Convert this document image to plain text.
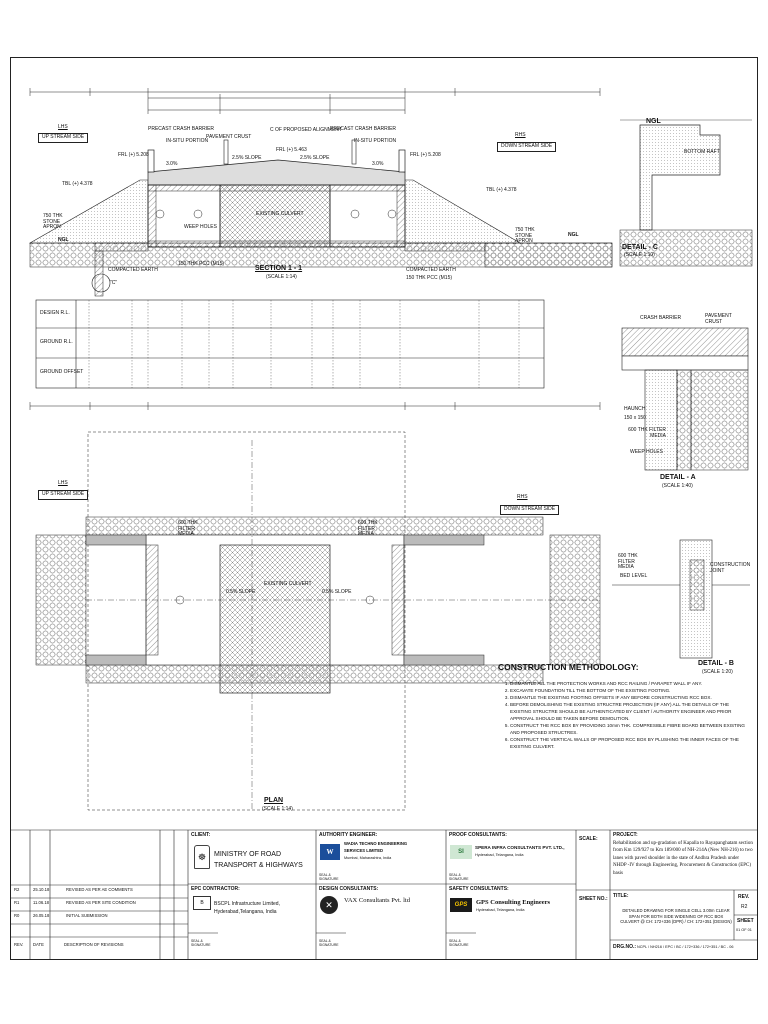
LHS
UP STREAM SIDE	RHS
DOWN STREAM SIDE
PRECAST CRASH BARRIER
IN-SITU PORTION
PAVEMENT CRUST
C OF PROPOSED ALIGNMENT
PRECAST CRASH BARRIER
IN-SITU PORTION
2.5% SLOPE	2.5% SLOPE
3.0%	3.0%
FRL (+) 5.208
FRL (+) 5.463
FRL (+) 5.208
TBL (+) 4.378
TBL (+) 4.378
750 THK STONE APRON	750 THK STONE APRON
NGL
NGL
WEEP HOLES
EXISTING CULVERT
COMPACTED EARTH
150 THK PCC (M15)
COMPACTED EARTH
150 THK PCC (M15)
"C"
SECTION 1 - 1
(SCALE 1:14)
DESIGN R.L.
GROUND R.L.
GROUND OFFSET
LHS
UP STREAM SIDE	RHS
DOWN STREAM SIDE
600 THK FILTER MEDIA
600 THK FILTER MEDIA
EXISTING CULVERT
0.5% SLOPE	0.5% SLOPE
PLAN
(SCALE 1:14)
NGL
BOTTOM RAFT
DETAIL - C
(SCALE 1:10)
CRASH BARRIER	PAVEMENT CRUST
HAUNCH
150 x 150
600 THK FILTER MEDIA
WEEP HOLES
DETAIL - A
(SCALE 1:40)
600 THK FILTER MEDIA
BED LEVEL
CONSTRUCTION JOINT
DETAIL - B
(SCALE 1:20)
CONSTRUCTION METHODOLOGY:
1. DISMANTLE ALL THE PROTECTION WORKS AND RCC RAILING / PARAPET WALL IF ANY.
2. EXCAVATE FOUNDATION TILL THE BOTTOM OF THE EXISTING FOOTING.
3. DISMANTLE THE EXISTING FOOTING OFFSETS IF ANY BEFORE CONSTRUCTING RCC BOX.
4. BEFORE DEMOLISHING THE EXISTING STRUCTRE PROJECTION (IF ANY) ALL THE DETAILS OF THE EXISTING STRUCTRE SHOULD BE AUTHENTICATED BY CLIENT / AUTHORITY ENGINEER AND PRIOR APPROVAL SHOULD BE TAKEN BEFORE DEMOLITION.
5. CONSTRUCT THE RCC BOX BY PROVIDING 10mm THK. COMPRESIBLE FIBRE BOARD BETWEEN EXISTING AND PROPOSED STRUCTRES.
6. CONSTRUCT THE VERTICAL WALLS OF PROPOSED RCC BOX BY PLUSHING THE INNER FACES OF THE EXISTING CULVERT.
R2	25.10.18	REVISED AS PER AE COMMENTS
R1	11.06.18	REVISED AS PER SITE CONDITION
R0	26.05.18	INITIAL SUBMISSION
REV. DATE	DESCRIPTION OF REVISIONS
CLIENT:
☸	MINISTRY OF ROAD
TRANSPORT & HIGHWAYS
AUTHORITY ENGINEER:
W
WADIA TECHNO ENGINEERING
SERVICES LIMITED
Mumbai, Maharashtra, India
PROOF CONSULTANTS:
SI
SPERA INFRA CONSULTANTS PVT. LTD.,
Hyderabad, Telangana, India
SCALE:
PROJECT:
Rehabilitation and up-gradation of Kapalla to Rayapanghatam section from Km 129/927 to Km 189/000 of NH-214A (New NH-216) to two lanes with paved shoulder in the state of Andhra Pradesh under NHDP -IV through Engineering, Procurement & Construction (EPC) basis
EPC CONTRACTOR:
B	BSCPL Infrastructure Limited,
Hyderabad,Telangana, India
DESIGN CONSULTANTS:
✕	VAX Consultants Pvt. ltd
SAFETY CONSULTANTS:
GPS	GPS Consulting Engineers
Hyderabad, Telangana, India
SEAL & SIGNATURE
SEAL & SIGNATURE
SEAL & SIGNATURE
SEAL & SIGNATURE
SEAL & SIGNATURE
SHEET NO.: TITLE:
DETAILED DRAWING FOR SINGLE CELL 3.00m CLEAR SPAN FOR BOTH SIDE WIDENING OF RCC BOX CULVERT @ CH: 172+336 (DPR) / CH: 172+351 (DESIGN)
REV.
R2
SHEET
01 OF 01
DRG.NO.: NCPL / NH216 / EPC / BC / 172+336 / 172+351 / BC - 06
